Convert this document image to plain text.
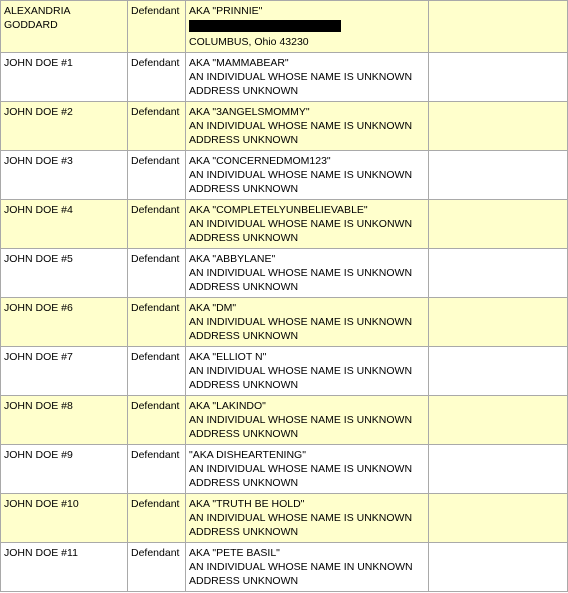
ALEXANDRIA GODDARD	Defendant	AKA "PRINNIE"
COLUMBUS, Ohio 43230	

JOHN DOE #1	Defendant	AKA "MAMMABEAR"
AN INDIVIDUAL WHOSE NAME IS UNKNOWN
ADDRESS UNKNOWN	

JOHN DOE #2	Defendant	AKA "3ANGELSMOMMY"
AN INDIVIDUAL WHOSE NAME IS UNKNOWN
ADDRESS UNKNOWN	

JOHN DOE #3	Defendant	AKA "CONCERNEDMOM123"
AN INDIVIDUAL WHOSE NAME IS UNKNOWN
ADDRESS UNKNOWN	

JOHN DOE #4	Defendant	AKA "COMPLETELYUNBELIEVABLE"
AN INDIVIDUAL WHOSE NAME IS UNKONWN
ADDRESS UNKNOWN	

JOHN DOE #5	Defendant	AKA "ABBYLANE"
AN INDIVIDUAL WHOSE NAME IS UNKNOWN
ADDRESS UNKNOWN	

JOHN DOE #6	Defendant	AKA "DM"
AN INDIVIDUAL WHOSE NAME IS UNKNOWN
ADDRESS UNKNOWN	

JOHN DOE #7	Defendant	AKA "ELLIOT N"
AN INDIVIDUAL WHOSE NAME IS UNKNOWN
ADDRESS UNKNOWN	

JOHN DOE #8	Defendant	AKA "LAKINDO"
AN INDIVIDUAL WHOSE NAME IS UNKNOWN
ADDRESS UNKNOWN	

JOHN DOE #9	Defendant	"AKA DISHEARTENING"
AN INDIVIDUAL WHOSE NAME IS UNKNOWN
ADDRESS UNKNOWN	

JOHN DOE #10	Defendant	AKA "TRUTH BE HOLD"
AN INDIVIDUAL WHOSE NAME IS UNKNOWN
ADDRESS UNKNOWN	

JOHN DOE #11	Defendant	AKA "PETE BASIL"
AN INDIVIDUAL WHOSE NAME IN UNKNOWN
ADDRESS UNKNOWN	
